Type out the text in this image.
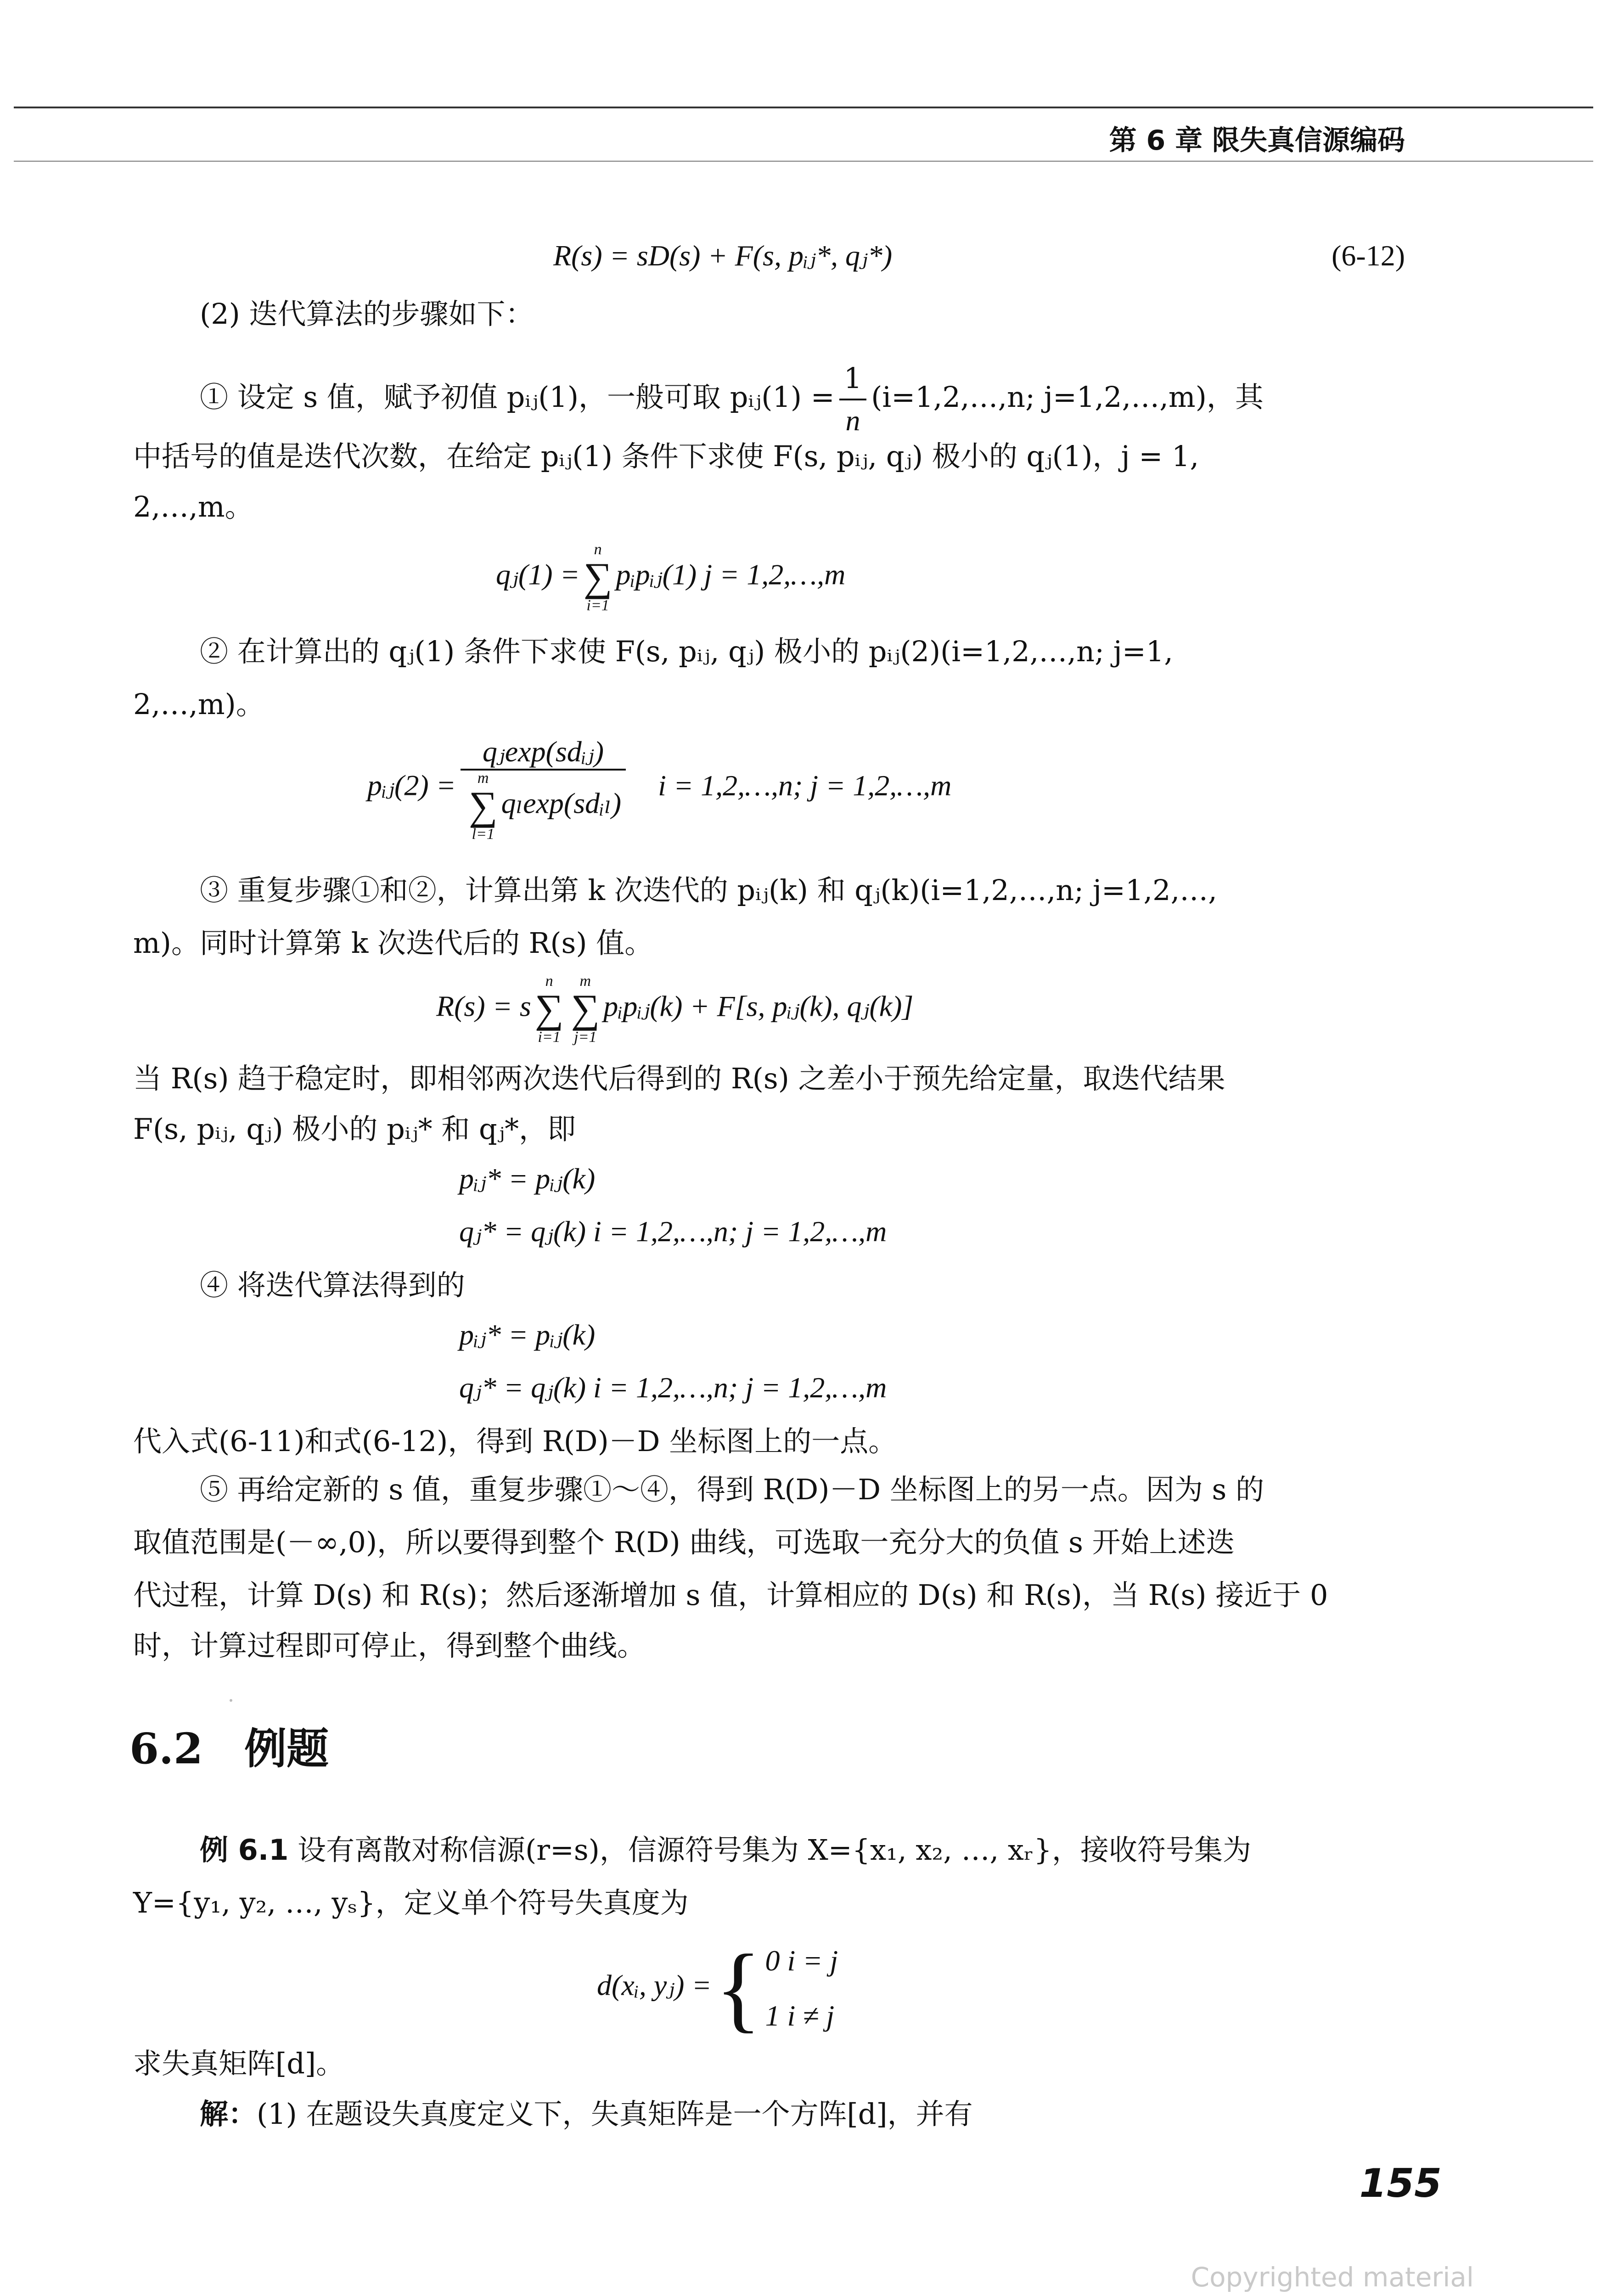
第 6 章 限失真信源编码
R(s) = sD(s) + F(s, pᵢⱼ*, qⱼ*)	(6-12)
(2) 迭代算法的步骤如下：
① 设定 s 值，赋予初值 pᵢⱼ(1)，一般可取 pᵢⱼ(1) = $\frac{1}{n}$ (i=1,2,…,n; j=1,2,…,m)，其
中括号的值是迭代次数，在给定 pᵢⱼ(1) 条件下求使 F(s, pᵢⱼ, qⱼ) 极小的 qⱼ(1)，j = 1,
2,…,m。
qⱼ(1) =
n
∑
i=1
pᵢpᵢⱼ(1) j = 1,2,…,m
② 在计算出的 qⱼ(1) 条件下求使 F(s, pᵢⱼ, qⱼ) 极小的 pᵢⱼ(2)(i=1,2,…,n; j=1,
2,…,m)。
pᵢⱼ(2) = qⱼexp(sdᵢⱼ)
m
∑
l=1
qₗexp(sdᵢₗ) i = 1,2,…,n; j = 1,2,…,m
③ 重复步骤①和②，计算出第 k 次迭代的 pᵢⱼ(k) 和 qⱼ(k)(i=1,2,…,n; j=1,2,…,
m)。同时计算第 k 次迭代后的 R(s) 值。
R(s) = s
n
∑
i=1
m
∑
j=1
pᵢpᵢⱼ(k) + F[s, pᵢⱼ(k), qⱼ(k)]
当 R(s) 趋于稳定时，即相邻两次迭代后得到的 R(s) 之差小于预先给定量，取迭代结果
F(s, pᵢⱼ, qⱼ) 极小的 pᵢⱼ* 和 qⱼ*，即
pᵢⱼ* = pᵢⱼ(k)
qⱼ* = qⱼ(k) i = 1,2,…,n; j = 1,2,…,m
④ 将迭代算法得到的
pᵢⱼ* = pᵢⱼ(k)
qⱼ* = qⱼ(k) i = 1,2,…,n; j = 1,2,…,m
代入式(6-11)和式(6-12)，得到 R(D)－D 坐标图上的一点。
⑤ 再给定新的 s 值，重复步骤①～④，得到 R(D)－D 坐标图上的另一点。因为 s 的
取值范围是(－∞,0)，所以要得到整个 R(D) 曲线，可选取一充分大的负值 s 开始上述迭
代过程，计算 D(s) 和 R(s)；然后逐渐增加 s 值，计算相应的 D(s) 和 R(s)，当 R(s) 接近于 0
时，计算过程即可停止，得到整个曲线。
6.2 例题
例 6.1 设有离散对称信源(r=s)，信源符号集为 X={x₁, x₂, …, xᵣ}，接收符号集为
Y={y₁, y₂, …, yₛ}，定义单个符号失真度为
d(xᵢ, yⱼ) ={ 0 i = j
1 i ≠ j
求失真矩阵[d]。
解：(1) 在题设失真度定义下，失真矩阵是一个方阵[d]，并有
155
Copyrighted material
